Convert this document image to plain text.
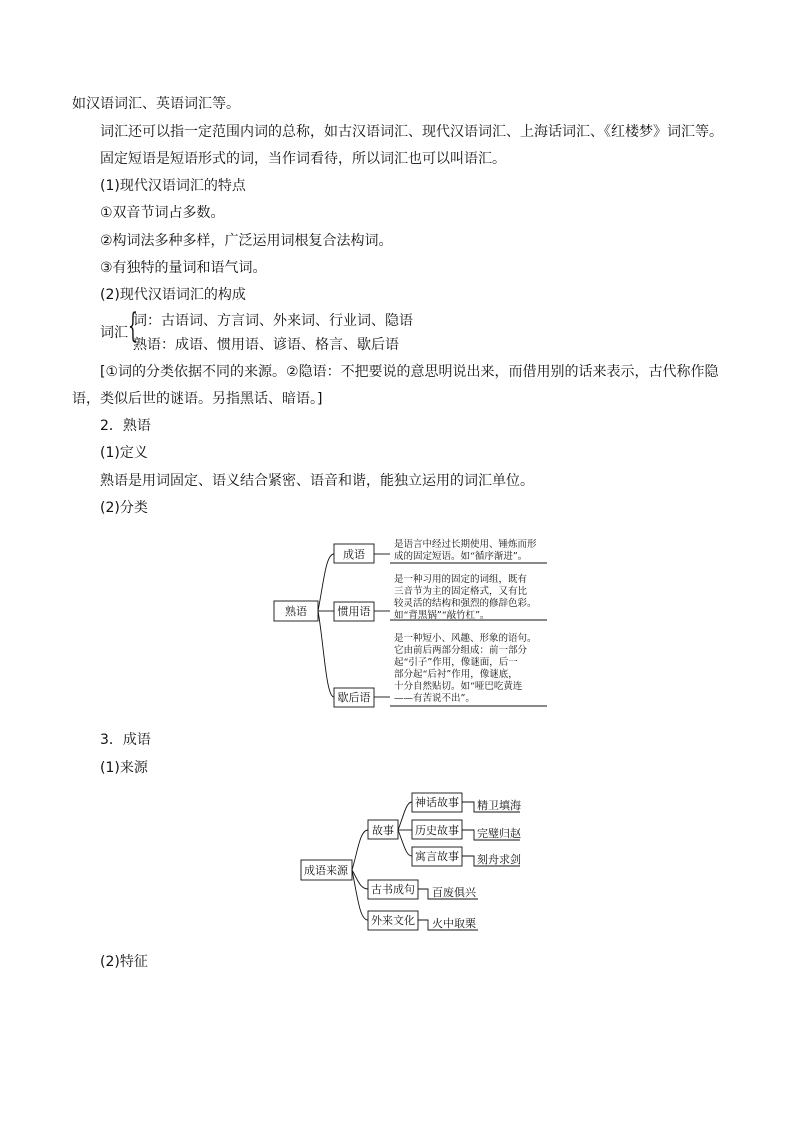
如汉语词汇、英语词汇等。
词汇还可以指一定范围内词的总称，如古汉语词汇、现代汉语词汇、上海话词汇、《红楼梦》词汇等。
固定短语是短语形式的词，当作词看待，所以词汇也可以叫语汇。
(1)现代汉语词汇的特点
①双音节词占多数。
②构词法多种多样，广泛运用词根复合法构词。
③有独特的量词和语气词。
(2)现代汉语词汇的构成
词汇 {
词：古语词、方言词、外来词、行业词、隐语
熟语：成语、惯用语、谚语、格言、歇后语
[①词的分类依据不同的来源。②隐语：不把要说的意思明说出来，而借用别的话来表示，古代称作隐
语，类似后世的谜语。另指黑话、暗语。]
2．熟语
(1)定义
熟语是用词固定、语义结合紧密、语音和谐，能独立运用的词汇单位。
(2)分类
熟语
成语
惯用语
歇后语
是语言中经过长期使用、锤炼而形
成的固定短语。如“循序渐进”。
是一种习用的固定的词组，既有
三音节为主的固定格式，又有比
较灵活的结构和强烈的修辞色彩。
如“背黑锅”“敲竹杠”。
是一种短小、风趣、形象的语句。
它由前后两部分组成：前一部分
起“引子”作用，像谜面，后一
部分起“后衬”作用，像谜底，
十分自然贴切。如“哑巴吃黄连
——有苦说不出”。
3．成语
(1)来源
成语来源
故事
神话故事
历史故事
寓言故事
精卫填海
完璧归赵
刻舟求剑
古书成句
外来文化
百废俱兴
火中取栗
(2)特征
